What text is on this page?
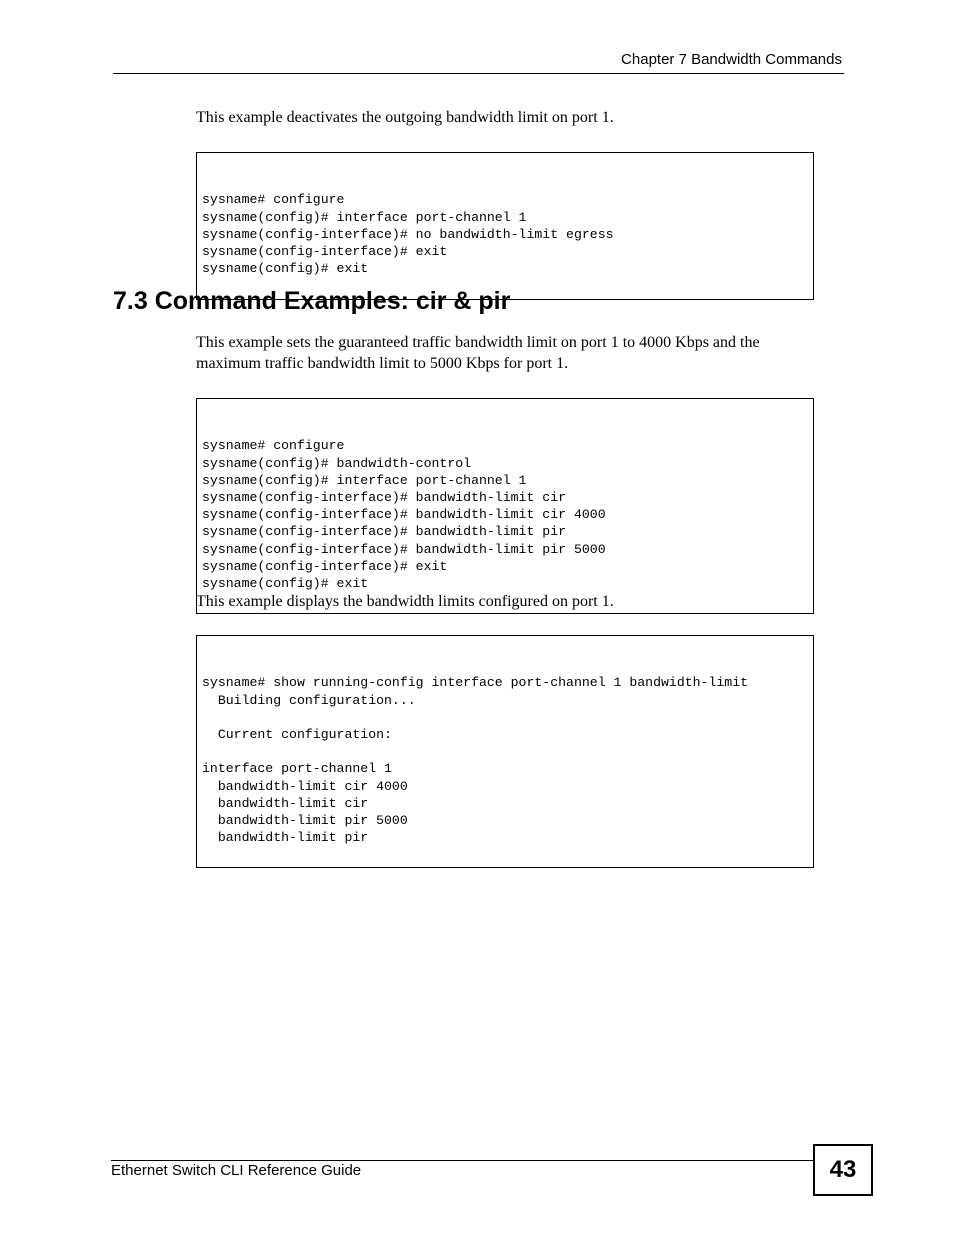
Chapter 7 Bandwidth Commands

This example deactivates the outgoing bandwidth limit on port 1.

sysname# configure
sysname(config)# interface port-channel 1
sysname(config-interface)# no bandwidth-limit egress
sysname(config-interface)# exit
sysname(config)# exit

7.3 Command Examples: cir & pir

This example sets the guaranteed traffic bandwidth limit on port 1 to 4000 Kbps and the maximum traffic bandwidth limit to 5000 Kbps for port 1.

sysname# configure
sysname(config)# bandwidth-control
sysname(config)# interface port-channel 1
sysname(config-interface)# bandwidth-limit cir
sysname(config-interface)# bandwidth-limit cir 4000
sysname(config-interface)# bandwidth-limit pir
sysname(config-interface)# bandwidth-limit pir 5000
sysname(config-interface)# exit
sysname(config)# exit

This example displays the bandwidth limits configured on port 1.

sysname# show running-config interface port-channel 1 bandwidth-limit
Building configuration...
Current configuration:
interface port-channel 1
bandwidth-limit cir 4000
bandwidth-limit cir
bandwidth-limit pir 5000
bandwidth-limit pir

Ethernet Switch CLI Reference Guide	43
